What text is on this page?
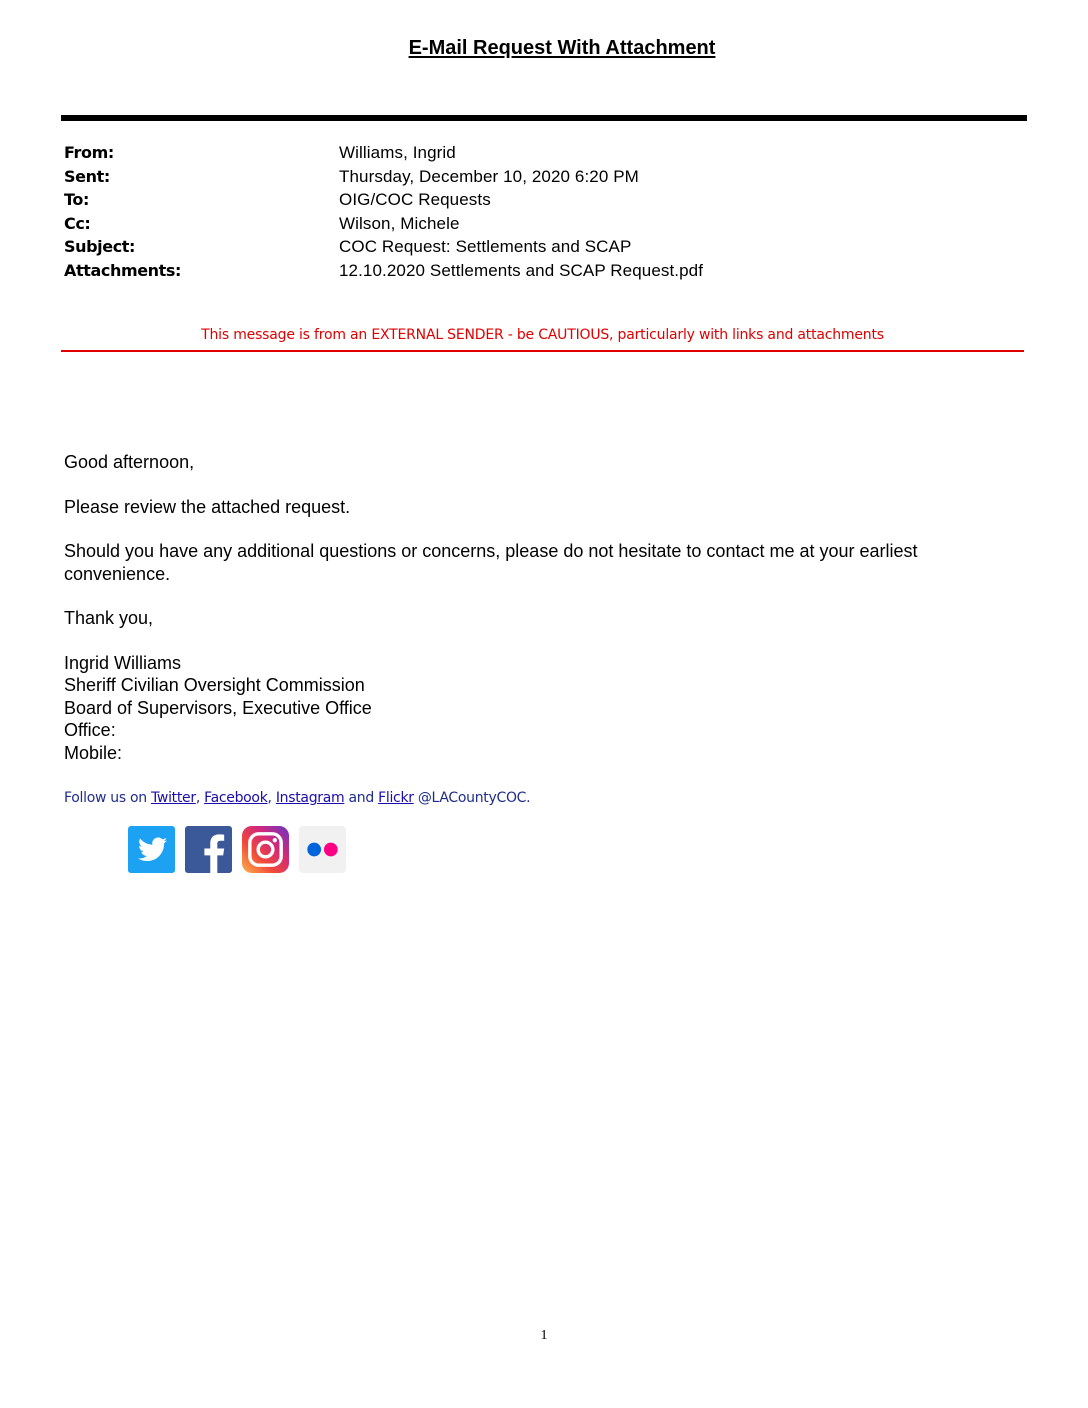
E-Mail Request With Attachment
From:	Williams, Ingrid
Sent:	Thursday, December 10, 2020 6:20 PM
To:	OIG/COC Requests
Cc:	Wilson, Michele
Subject:	COC Request: Settlements and SCAP
Attachments:	12.10.2020 Settlements and SCAP Request.pdf
This message is from an EXTERNAL SENDER - be CAUTIOUS, particularly with links and attachments

Good afternoon,

Please review the attached request.

Should you have any additional questions or concerns, please do not hesitate to contact me at your earliest convenience.

Thank you,

Ingrid Williams
Sheriff Civilian Oversight Commission
Board of Supervisors, Executive Office
Office:
Mobile:
Follow us on Twitter, Facebook, Instagram and Flickr @LACountyCOC.
1
